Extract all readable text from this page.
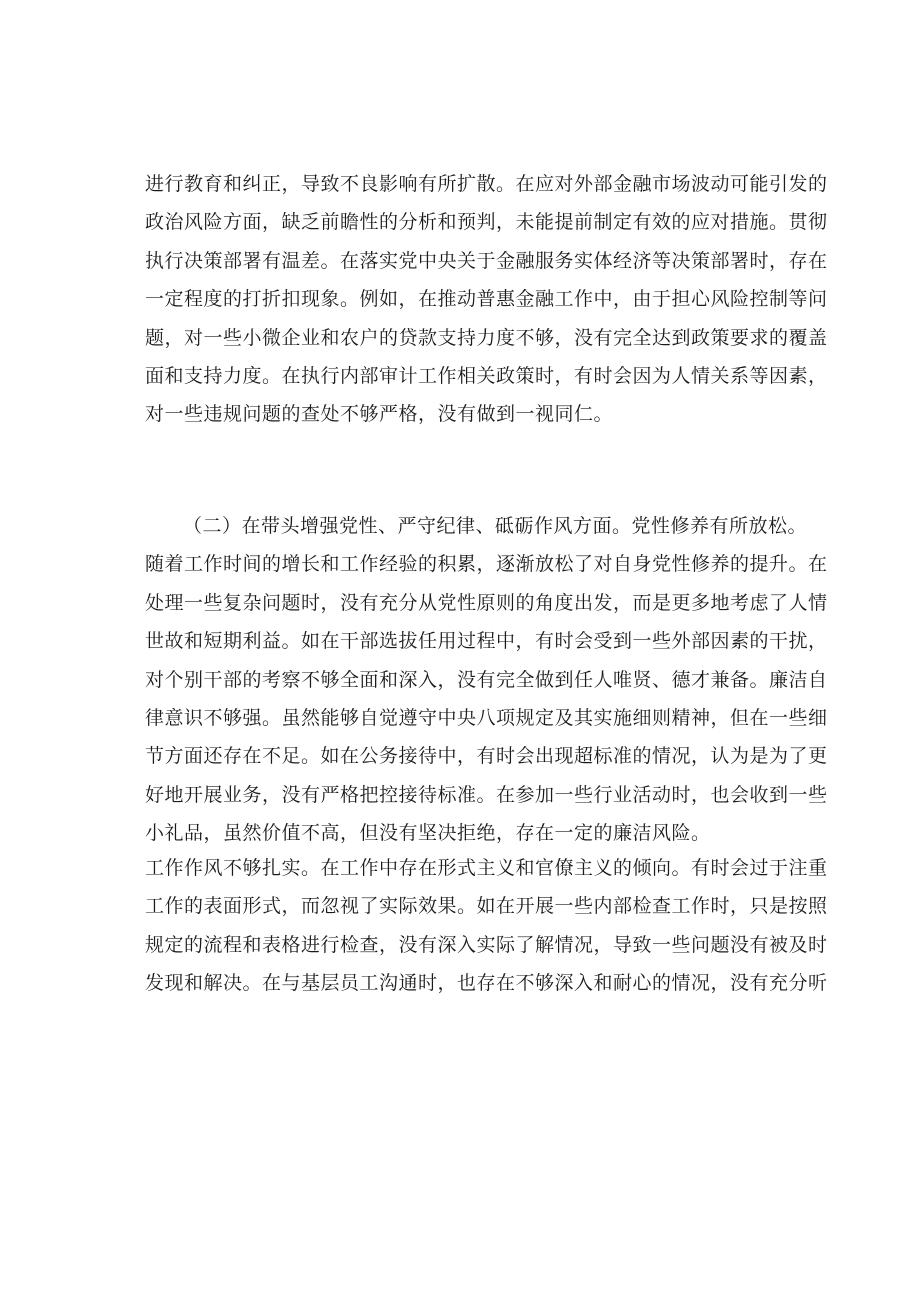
进行教育和纠正，导致不良影响有所扩散。在应对外部金融市场波动可能引发的
政治风险方面，缺乏前瞻性的分析和预判，未能提前制定有效的应对措施。贯彻
执行决策部署有温差。在落实党中央关于金融服务实体经济等决策部署时，存在
一定程度的打折扣现象。例如，在推动普惠金融工作中，由于担心风险控制等问
题，对一些小微企业和农户的贷款支持力度不够，没有完全达到政策要求的覆盖
面和支持力度。在执行内部审计工作相关政策时，有时会因为人情关系等因素，
对一些违规问题的查处不够严格，没有做到一视同仁。
（二）在带头增强党性、严守纪律、砥砺作风方面。党性修养有所放松。
随着工作时间的增长和工作经验的积累，逐渐放松了对自身党性修养的提升。在
处理一些复杂问题时，没有充分从党性原则的角度出发，而是更多地考虑了人情
世故和短期利益。如在干部选拔任用过程中，有时会受到一些外部因素的干扰，
对个别干部的考察不够全面和深入，没有完全做到任人唯贤、德才兼备。廉洁自
律意识不够强。虽然能够自觉遵守中央八项规定及其实施细则精神，但在一些细
节方面还存在不足。如在公务接待中，有时会出现超标准的情况，认为是为了更
好地开展业务，没有严格把控接待标准。在参加一些行业活动时，也会收到一些
小礼品，虽然价值不高，但没有坚决拒绝，存在一定的廉洁风险。
工作作风不够扎实。在工作中存在形式主义和官僚主义的倾向。有时会过于注重
工作的表面形式，而忽视了实际效果。如在开展一些内部检查工作时，只是按照
规定的流程和表格进行检查，没有深入实际了解情况，导致一些问题没有被及时
发现和解决。在与基层员工沟通时，也存在不够深入和耐心的情况，没有充分听
